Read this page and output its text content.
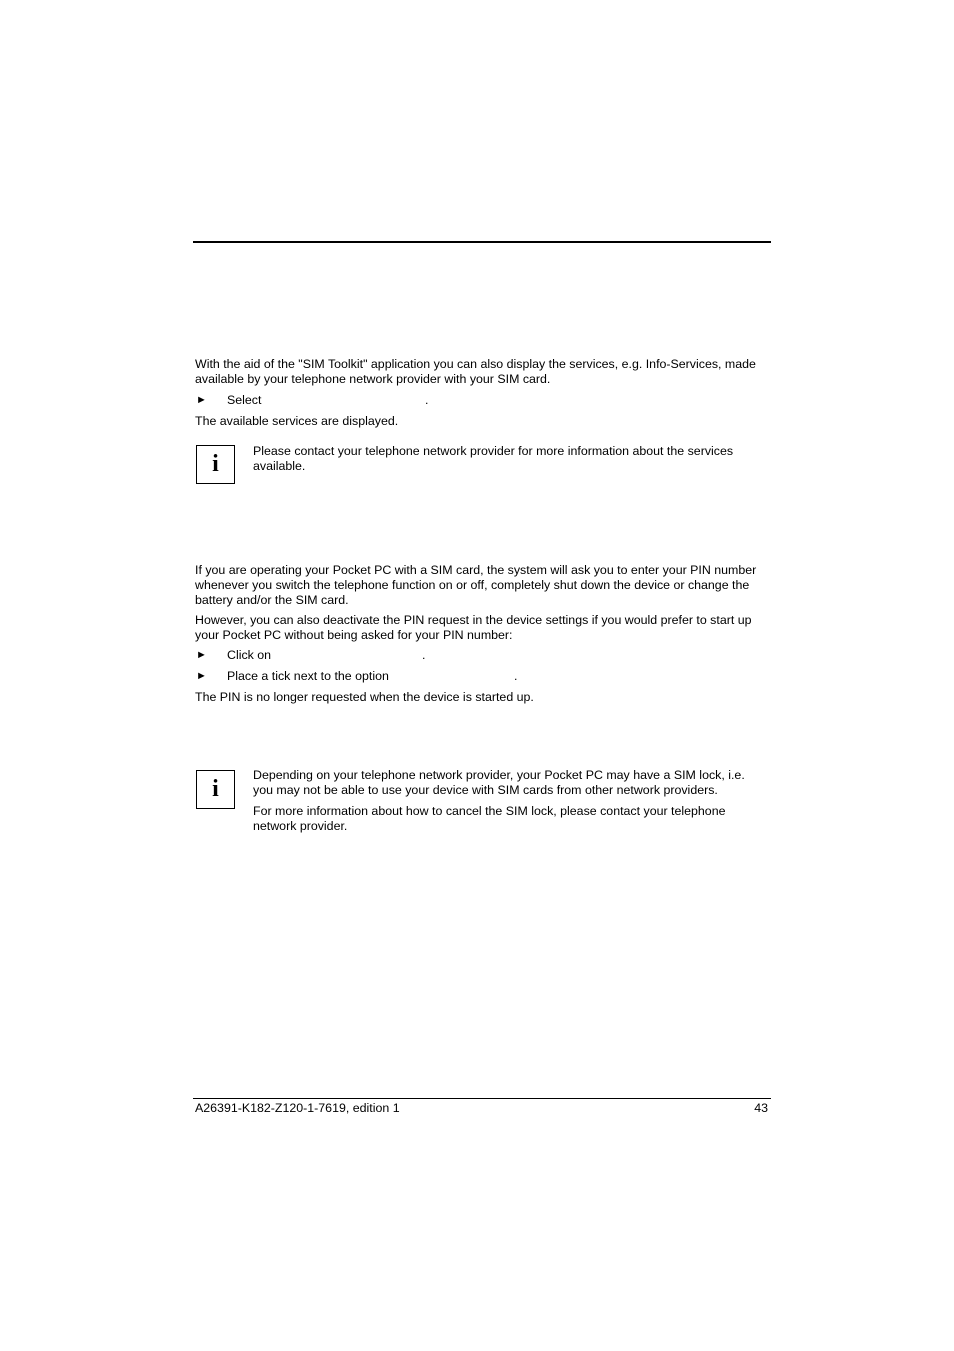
With the aid of the "SIM Toolkit" application you can also display the services, e.g. Info-Services, made available by your telephone network provider with your SIM card.

► Select	.

The available services are displayed.

i	Please contact your telephone network provider for more information about the services available.

If you are operating your Pocket PC with a SIM card, the system will ask you to enter your PIN number whenever you switch the telephone function on or off, completely shut down the device or change the battery and/or the SIM card.

However, you can also deactivate the PIN request in the device settings if you would prefer to start up your Pocket PC without being asked for your PIN number:

► Click on	.
► Place a tick next to the option	.

The PIN is no longer requested when the device is started up.

i

Depending on your telephone network provider, your Pocket PC may have a SIM lock, i.e. you may not be able to use your device with SIM cards from other network providers.

For more information about how to cancel the SIM lock, please contact your telephone network provider.

A26391-K182-Z120-1-7619, edition 1	43
